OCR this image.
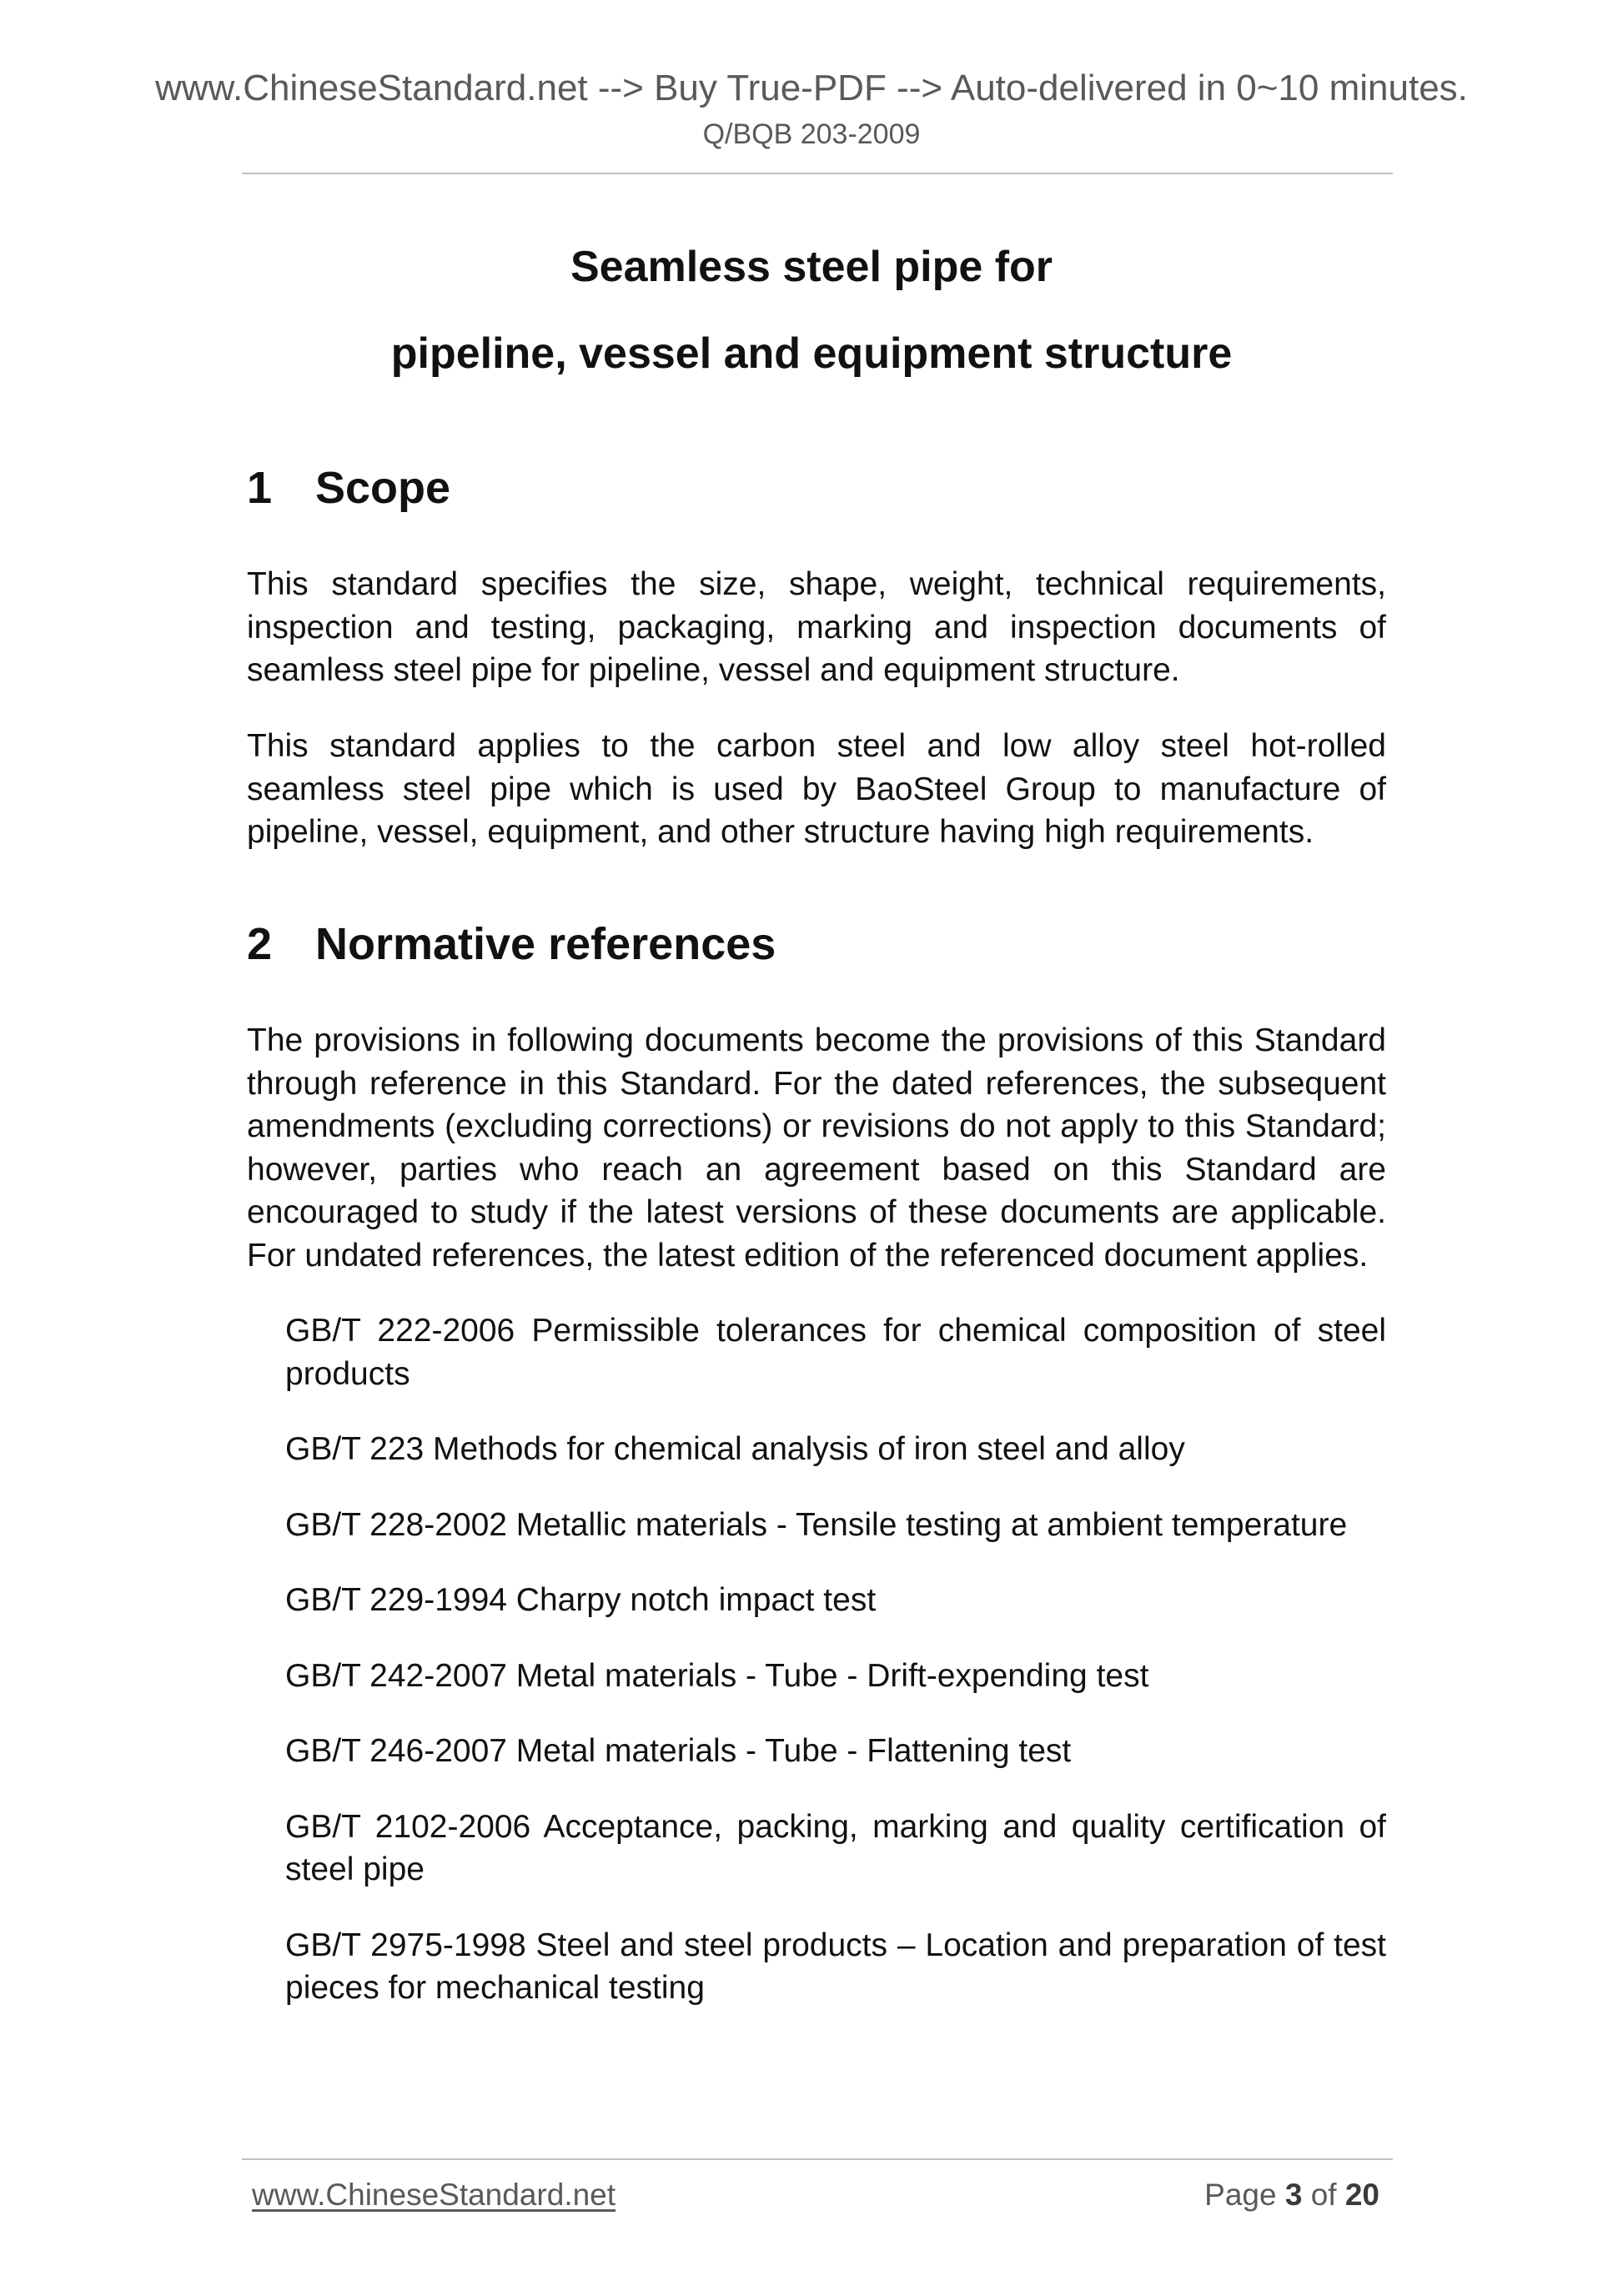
www.ChineseStandard.net --> Buy True-PDF --> Auto-delivered in 0~10 minutes.
Q/BQB 203-2009
Seamless steel pipe for
pipeline, vessel and equipment structure
1 Scope
This standard specifies the size, shape, weight, technical requirements, inspection and testing, packaging, marking and inspection documents of seamless steel pipe for pipeline, vessel and equipment structure.
This standard applies to the carbon steel and low alloy steel hot-rolled seamless steel pipe which is used by BaoSteel Group to manufacture of pipeline, vessel, equipment, and other structure having high requirements.
2 Normative references
The provisions in following documents become the provisions of this Standard through reference in this Standard. For the dated references, the subsequent amendments (excluding corrections) or revisions do not apply to this Standard; however, parties who reach an agreement based on this Standard are encouraged to study if the latest versions of these documents are applicable. For undated references, the latest edition of the referenced document applies.
GB/T 222-2006 Permissible tolerances for chemical composition of steel products
GB/T 223 Methods for chemical analysis of iron steel and alloy
GB/T 228-2002 Metallic materials - Tensile testing at ambient temperature
GB/T 229-1994 Charpy notch impact test
GB/T 242-2007 Metal materials - Tube - Drift-expending test
GB/T 246-2007 Metal materials - Tube - Flattening test
GB/T 2102-2006 Acceptance, packing, marking and quality certification of steel pipe
GB/T 2975-1998 Steel and steel products – Location and preparation of test pieces for mechanical testing
www.ChineseStandard.net	Page 3 of 20
